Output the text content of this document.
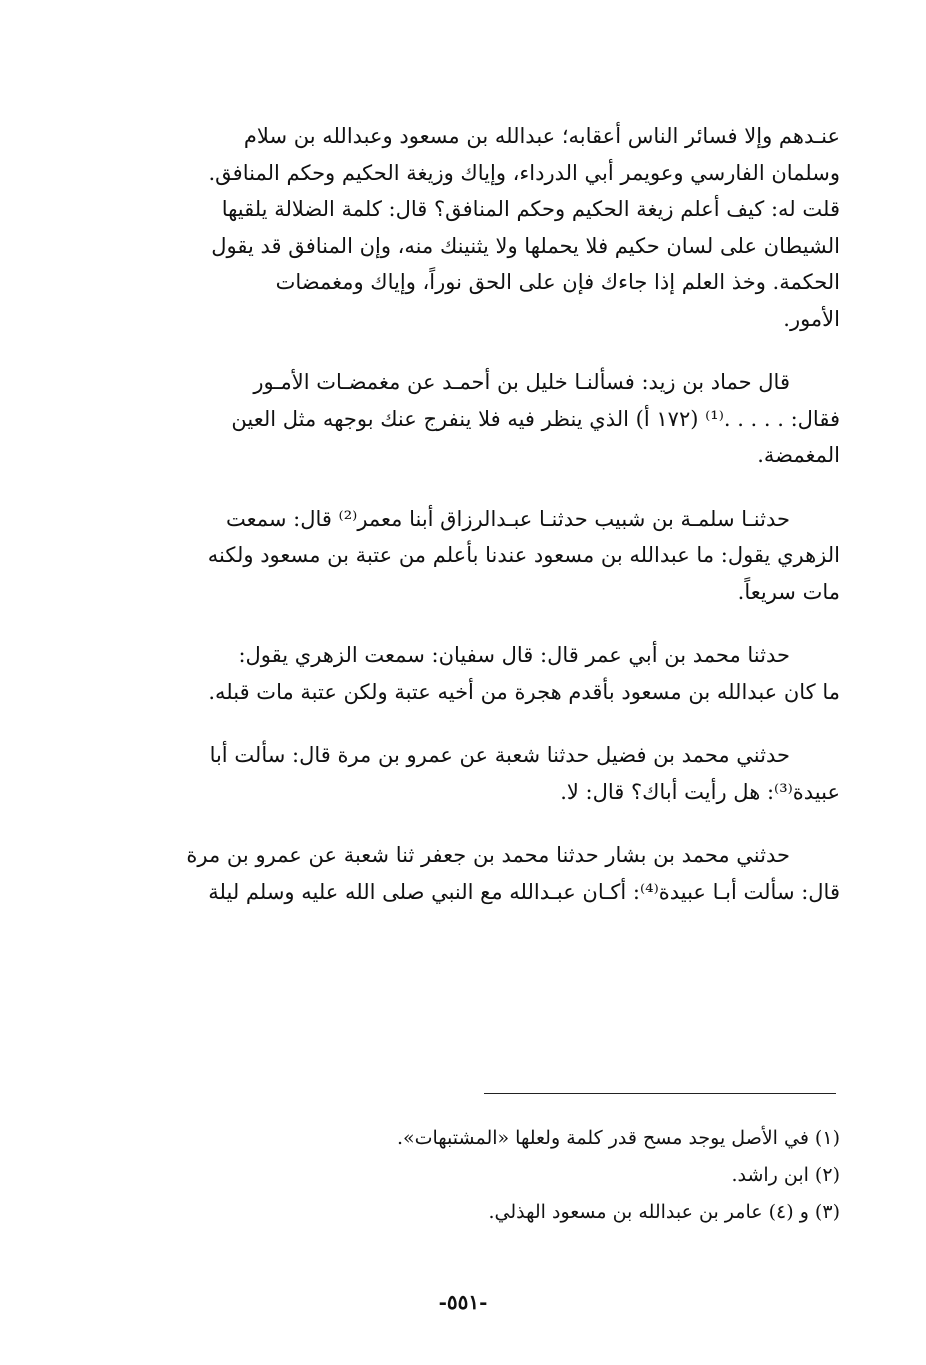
عنـدهم وإلا فسائر الناس أعقابه؛ عبدالله بن مسعود وعبدالله بن سلام
وسلمان الفارسي وعويمر أبي الدرداء، وإياك وزيغة الحكيم وحكم المنافق.
قلت له: كيف أعلم زيغة الحكيم وحكم المنافق؟ قال: كلمة الضلالة يلقيها
الشيطان على لسان حكيم فلا يحملها ولا يثنينك منه، وإن المنافق قد يقول
الحكمة. وخذ العلم إذا جاءك فإن على الحق نوراً، وإياك ومغمضات
الأمور.

قال حماد بن زيد: فسألنـا خليل بن أحمـد عن مغمضـات الأمـور
فقال: . . . . .⁽¹⁾ (١٧٢ أ) الذي ينظر فيه فلا ينفرج عنك بوجهه مثل العين
المغمضة.

حدثنـا سلمـة بن شبيب حدثنـا عبـدالرزاق أبنا معمر⁽²⁾ قال: سمعت
الزهري يقول: ما عبدالله بن مسعود عندنا بأعلم من عتبة بن مسعود ولكنه
مات سريعاً.

حدثنا محمد بن أبي عمر قال: قال سفيان: سمعت الزهري يقول:
ما كان عبدالله بن مسعود بأقدم هجرة من أخيه عتبة ولكن عتبة مات قبله.

حدثني محمد بن فضيل حدثنا شعبة عن عمرو بن مرة قال: سألت أبا
عبيدة⁽³⁾: هل رأيت أباك؟ قال: لا.

حدثني محمد بن بشار حدثنا محمد بن جعفر ثنا شعبة عن عمرو بن مرة
قال: سألت أبـا عبيدة⁽⁴⁾: أكـان عبـدالله مع النبي صلى الله عليه وسلم ليلة

(١) في الأصل يوجد مسح قدر كلمة ولعلها «المشتبهات».
(٢) ابن راشد.
(٣) و (٤) عامر بن عبدالله بن مسعود الهذلي.
-٥٥١-
